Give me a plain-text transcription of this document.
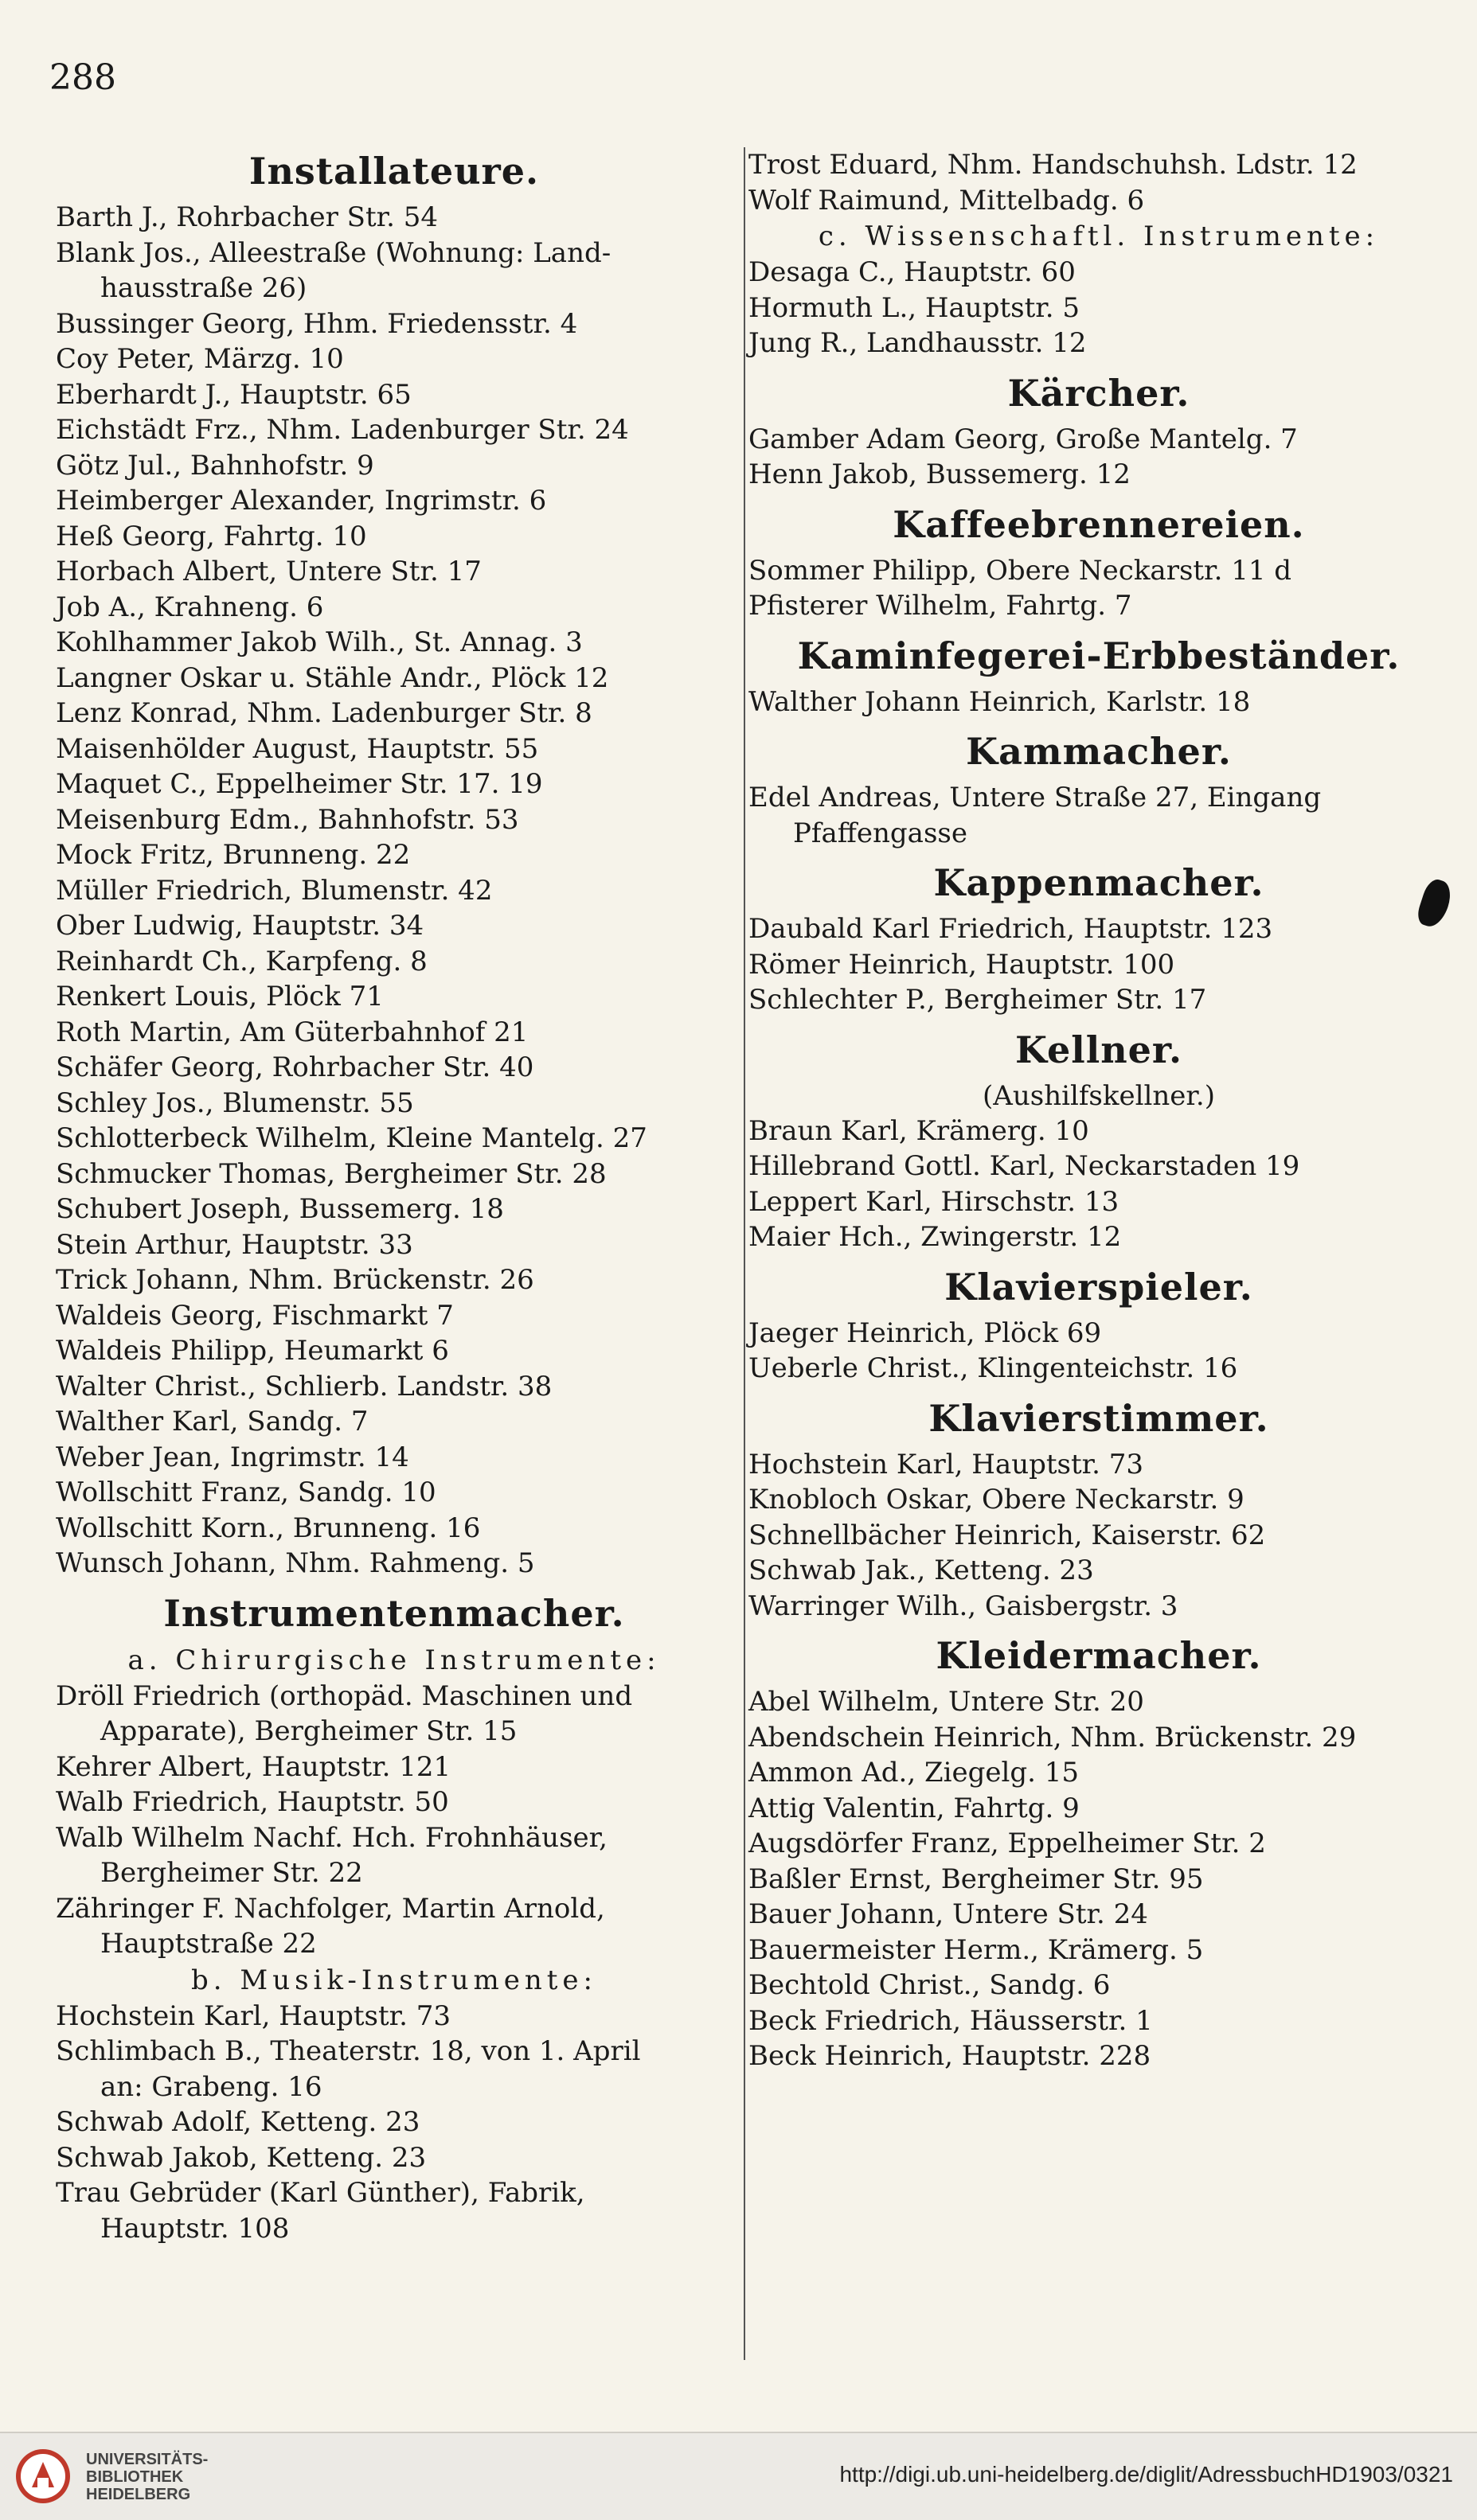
288
Installateure.
Barth J., Rohrbacher Str. 54
Blank Jos., Alleestraße (Wohnung: Land-
hausstraße 26)
Bussinger Georg, Hhm. Friedensstr. 4
Coy Peter, Märzg. 10
Eberhardt J., Hauptstr. 65
Eichstädt Frz., Nhm. Ladenburger Str. 24
Götz Jul., Bahnhofstr. 9
Heimberger Alexander, Ingrimstr. 6
Heß Georg, Fahrtg. 10
Horbach Albert, Untere Str. 17
Job A., Krahneng. 6
Kohlhammer Jakob Wilh., St. Annag. 3
Langner Oskar u. Stähle Andr., Plöck 12
Lenz Konrad, Nhm. Ladenburger Str. 8
Maisenhölder August, Hauptstr. 55
Maquet C., Eppelheimer Str. 17. 19
Meisenburg Edm., Bahnhofstr. 53
Mock Fritz, Brunneng. 22
Müller Friedrich, Blumenstr. 42
Ober Ludwig, Hauptstr. 34
Reinhardt Ch., Karpfeng. 8
Renkert Louis, Plöck 71
Roth Martin, Am Güterbahnhof 21
Schäfer Georg, Rohrbacher Str. 40
Schley Jos., Blumenstr. 55
Schlotterbeck Wilhelm, Kleine Mantelg. 27
Schmucker Thomas, Bergheimer Str. 28
Schubert Joseph, Bussemerg. 18
Stein Arthur, Hauptstr. 33
Trick Johann, Nhm. Brückenstr. 26
Waldeis Georg, Fischmarkt 7
Waldeis Philipp, Heumarkt 6
Walter Christ., Schlierb. Landstr. 38
Walther Karl, Sandg. 7
Weber Jean, Ingrimstr. 14
Wollschitt Franz, Sandg. 10
Wollschitt Korn., Brunneng. 16
Wunsch Johann, Nhm. Rahmeng. 5
Instrumentenmacher.
a. Chirurgische Instrumente:
Dröll Friedrich (orthopäd. Maschinen und
Apparate), Bergheimer Str. 15
Kehrer Albert, Hauptstr. 121
Walb Friedrich, Hauptstr. 50
Walb Wilhelm Nachf. Hch. Frohnhäuser,
Bergheimer Str. 22
Zähringer F. Nachfolger, Martin Arnold,
Hauptstraße 22
b. Musik-Instrumente:
Hochstein Karl, Hauptstr. 73
Schlimbach B., Theaterstr. 18, von 1. April
an: Grabeng. 16
Schwab Adolf, Ketteng. 23
Schwab Jakob, Ketteng. 23
Trau Gebrüder (Karl Günther), Fabrik,
Hauptstr. 108
Trost Eduard, Nhm. Handschuhsh. Ldstr. 12
Wolf Raimund, Mittelbadg. 6
c. Wissenschaftl. Instrumente:
Desaga C., Hauptstr. 60
Hormuth L., Hauptstr. 5
Jung R., Landhausstr. 12
Kärcher.
Gamber Adam Georg, Große Mantelg. 7
Henn Jakob, Bussemerg. 12
Kaffeebrennereien.
Sommer Philipp, Obere Neckarstr. 11 d
Pfisterer Wilhelm, Fahrtg. 7
Kaminfegerei-Erbbeständer.
Walther Johann Heinrich, Karlstr. 18
Kammacher.
Edel Andreas, Untere Straße 27, Eingang
Pfaffengasse
Kappenmacher.
Daubald Karl Friedrich, Hauptstr. 123
Römer Heinrich, Hauptstr. 100
Schlechter P., Bergheimer Str. 17
Kellner.
(Aushilfskellner.)
Braun Karl, Krämerg. 10
Hillebrand Gottl. Karl, Neckarstaden 19
Leppert Karl, Hirschstr. 13
Maier Hch., Zwingerstr. 12
Klavierspieler.
Jaeger Heinrich, Plöck 69
Ueberle Christ., Klingenteichstr. 16
Klavierstimmer.
Hochstein Karl, Hauptstr. 73
Knobloch Oskar, Obere Neckarstr. 9
Schnellbächer Heinrich, Kaiserstr. 62
Schwab Jak., Ketteng. 23
Warringer Wilh., Gaisbergstr. 3
Kleidermacher.
Abel Wilhelm, Untere Str. 20
Abendschein Heinrich, Nhm. Brückenstr. 29
Ammon Ad., Ziegelg. 15
Attig Valentin, Fahrtg. 9
Augsdörfer Franz, Eppelheimer Str. 2
Baßler Ernst, Bergheimer Str. 95
Bauer Johann, Untere Str. 24
Bauermeister Herm., Krämerg. 5
Bechtold Christ., Sandg. 6
Beck Friedrich, Häusserstr. 1
Beck Heinrich, Hauptstr. 228
UNIVERSITÄTS-
BIBLIOTHEK
HEIDELBERG
http://digi.ub.uni-heidelberg.de/diglit/AdressbuchHD1903/0321
